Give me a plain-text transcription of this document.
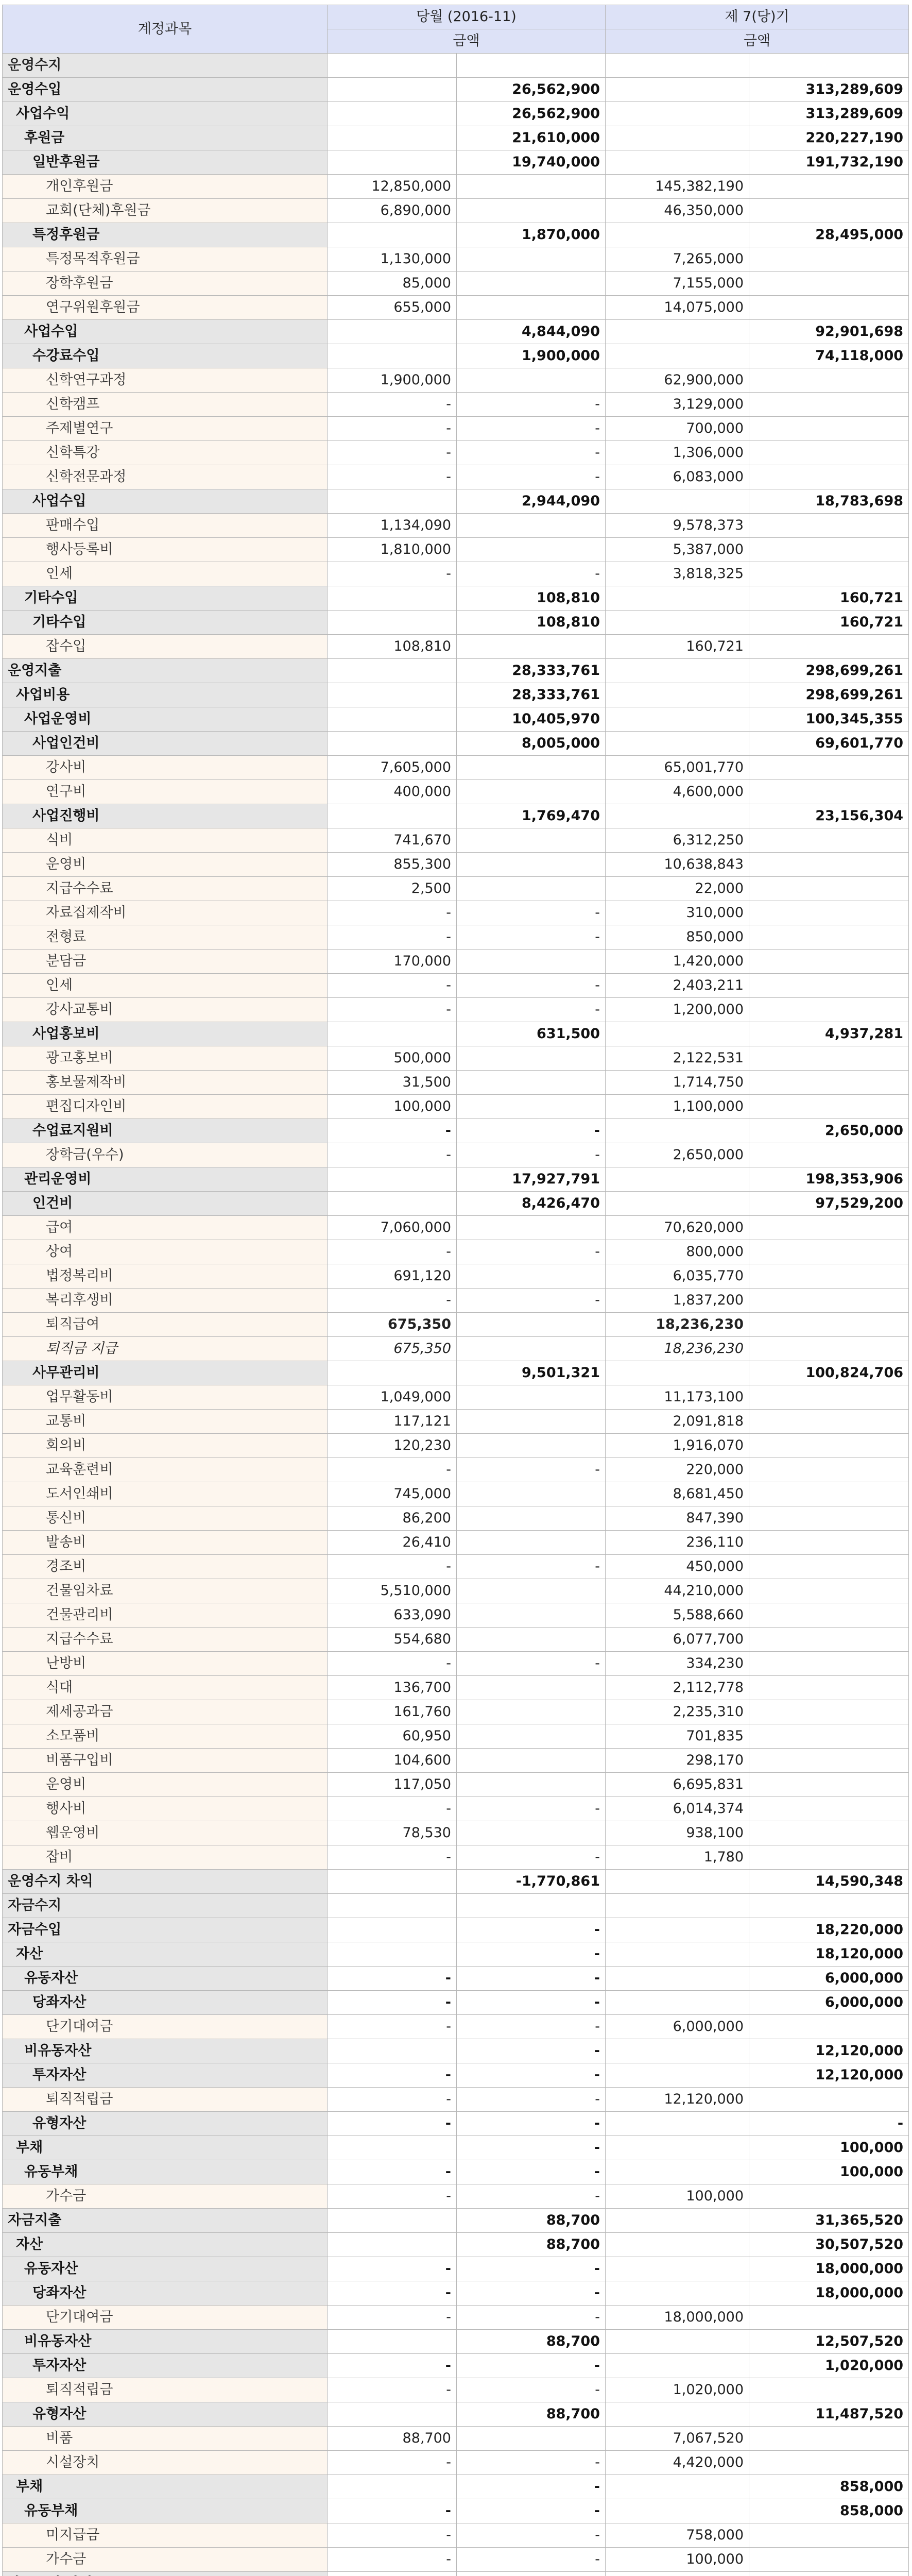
계정과목	당월 (2016-11)		제 7(당)기	
	금액		금액	
운영수지				
운영수입		26,562,900		313,289,609
사업수익		26,562,900		313,289,609
후원금		21,610,000		220,227,190
일반후원금		19,740,000		191,732,190
개인후원금	12,850,000		145,382,190	
교회(단체)후원금	6,890,000		46,350,000	
특정후원금		1,870,000		28,495,000
특정목적후원금	1,130,000		7,265,000	
장학후원금	85,000		7,155,000	
연구위원후원금	655,000		14,075,000	
사업수입		4,844,090		92,901,698
수강료수입		1,900,000		74,118,000
신학연구과정	1,900,000		62,900,000	
신학캠프	-	-	3,129,000	
주제별연구	-	-	700,000	
신학특강	-	-	1,306,000	
신학전문과정	-	-	6,083,000	
사업수입		2,944,090		18,783,698
판매수입	1,134,090		9,578,373	
행사등록비	1,810,000		5,387,000	
인세	-	-	3,818,325	
기타수입		108,810		160,721
기타수입		108,810		160,721
잡수입	108,810		160,721	
운영지출		28,333,761		298,699,261
사업비용		28,333,761		298,699,261
사업운영비		10,405,970		100,345,355
사업인건비		8,005,000		69,601,770
강사비	7,605,000		65,001,770	
연구비	400,000		4,600,000	
사업진행비		1,769,470		23,156,304
식비	741,670		6,312,250	
운영비	855,300		10,638,843	
지급수수료	2,500		22,000	
자료집제작비	-	-	310,000	
전형료	-	-	850,000	
분담금	170,000		1,420,000	
인세	-	-	2,403,211	
강사교통비	-	-	1,200,000	
사업홍보비		631,500		4,937,281
광고홍보비	500,000		2,122,531	
홍보물제작비	31,500		1,714,750	
편집디자인비	100,000		1,100,000	
수업료지원비	-	-		2,650,000
장학금(우수)	-	-	2,650,000	
관리운영비		17,927,791		198,353,906
인건비		8,426,470		97,529,200
급여	7,060,000		70,620,000	
상여	-	-	800,000	
법정복리비	691,120		6,035,770	
복리후생비	-	-	1,837,200	
퇴직급여	675,350		18,236,230	
퇴직금 지급	675,350		18,236,230	
사무관리비		9,501,321		100,824,706
업무활동비	1,049,000		11,173,100	
교통비	117,121		2,091,818	
회의비	120,230		1,916,070	
교육훈련비	-	-	220,000	
도서인쇄비	745,000		8,681,450	
통신비	86,200		847,390	
발송비	26,410		236,110	
경조비	-	-	450,000	
건물임차료	5,510,000		44,210,000	
건물관리비	633,090		5,588,660	
지급수수료	554,680		6,077,700	
난방비	-	-	334,230	
식대	136,700		2,112,778	
제세공과금	161,760		2,235,310	
소모품비	60,950		701,835	
비품구입비	104,600		298,170	
운영비	117,050		6,695,831	
행사비	-	-	6,014,374	
웹운영비	78,530		938,100	
잡비	-	-	1,780	
운영수지 차익		-1,770,861		14,590,348
자금수지				
자금수입		-		18,220,000
자산		-		18,120,000
유동자산	-	-		6,000,000
당좌자산	-	-		6,000,000
단기대여금	-	-	6,000,000	
비유동자산		-		12,120,000
투자자산	-	-		12,120,000
퇴직적립금	-	-	12,120,000	
유형자산	-	-		-
부채		-		100,000
유동부채	-	-		100,000
가수금	-	-	100,000	
자금지출		88,700		31,365,520
자산		88,700		30,507,520
유동자산	-	-		18,000,000
당좌자산	-	-		18,000,000
단기대여금	-	-	18,000,000	
비유동자산		88,700		12,507,520
투자자산	-	-		1,020,000
퇴직적립금	-	-	1,020,000	
유형자산		88,700		11,487,520
비품	88,700		7,067,520	
시설장치	-	-	4,420,000	
부채		-		858,000
유동부채	-	-		858,000
미지급금	-	-	758,000	
가수금	-	-	100,000	
